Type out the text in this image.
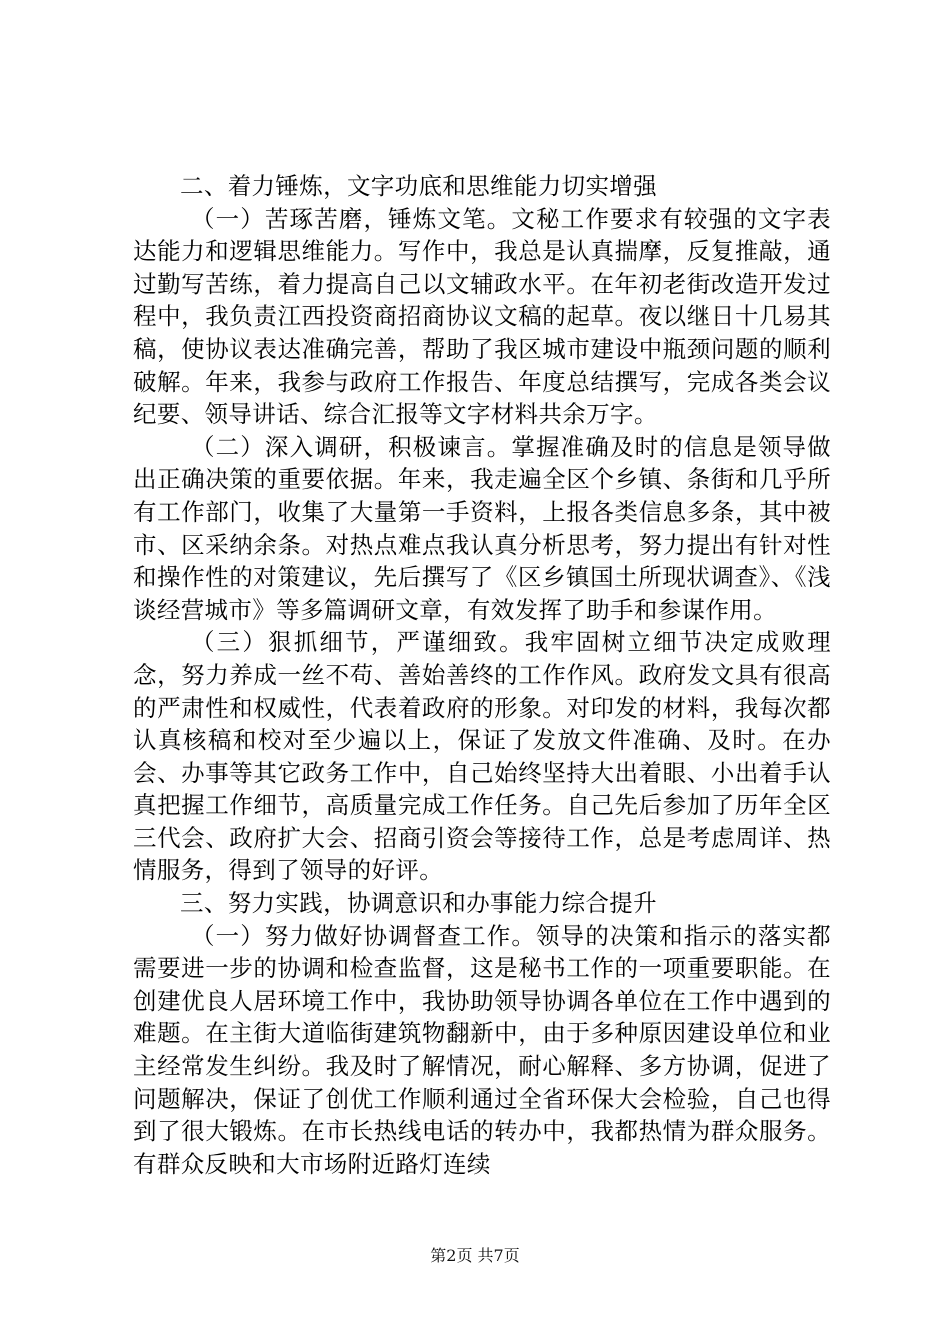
二、着力锤炼，文字功底和思维能力切实增强

（一）苦琢苦磨，锤炼文笔。文秘工作要求有较强的文字表达能力和逻辑思维能力。写作中，我总是认真揣摩，反复推敲，通过勤写苦练，着力提高自己以文辅政水平。在年初老街改造开发过程中，我负责江西投资商招商协议文稿的起草。夜以继日十几易其稿，使协议表达准确完善，帮助了我区城市建设中瓶颈问题的顺利破解。年来，我参与政府工作报告、年度总结撰写，完成各类会议纪要、领导讲话、综合汇报等文字材料共余万字。

（二）深入调研，积极谏言。掌握准确及时的信息是领导做出正确决策的重要依据。年来，我走遍全区个乡镇、条街和几乎所有工作部门，收集了大量第一手资料，上报各类信息多条，其中被市、区采纳余条。对热点难点我认真分析思考，努力提出有针对性和操作性的对策建议，先后撰写了《区乡镇国土所现状调查》、《浅谈经营城市》等多篇调研文章，有效发挥了助手和参谋作用。

（三）狠抓细节，严谨细致。我牢固树立细节决定成败理念，努力养成一丝不苟、善始善终的工作作风。政府发文具有很高的严肃性和权威性，代表着政府的形象。对印发的材料，我每次都认真核稿和校对至少遍以上，保证了发放文件准确、及时。在办会、办事等其它政务工作中，自己始终坚持大出着眼、小出着手认真把握工作细节，高质量完成工作任务。自己先后参加了历年全区三代会、政府扩大会、招商引资会等接待工作，总是考虑周详、热情服务，得到了领导的好评。

三、努力实践，协调意识和办事能力综合提升

（一）努力做好协调督查工作。领导的决策和指示的落实都需要进一步的协调和检查监督，这是秘书工作的一项重要职能。在创建优良人居环境工作中，我协助领导协调各单位在工作中遇到的难题。在主街大道临街建筑物翻新中，由于多种原因建设单位和业主经常发生纠纷。我及时了解情况，耐心解释、多方协调，促进了问题解决，保证了创优工作顺利通过全省环保大会检验，自己也得到了很大锻炼。在市长热线电话的转办中，我都热情为群众服务。有群众反映和大市场附近路灯连续

第2页 共7页
